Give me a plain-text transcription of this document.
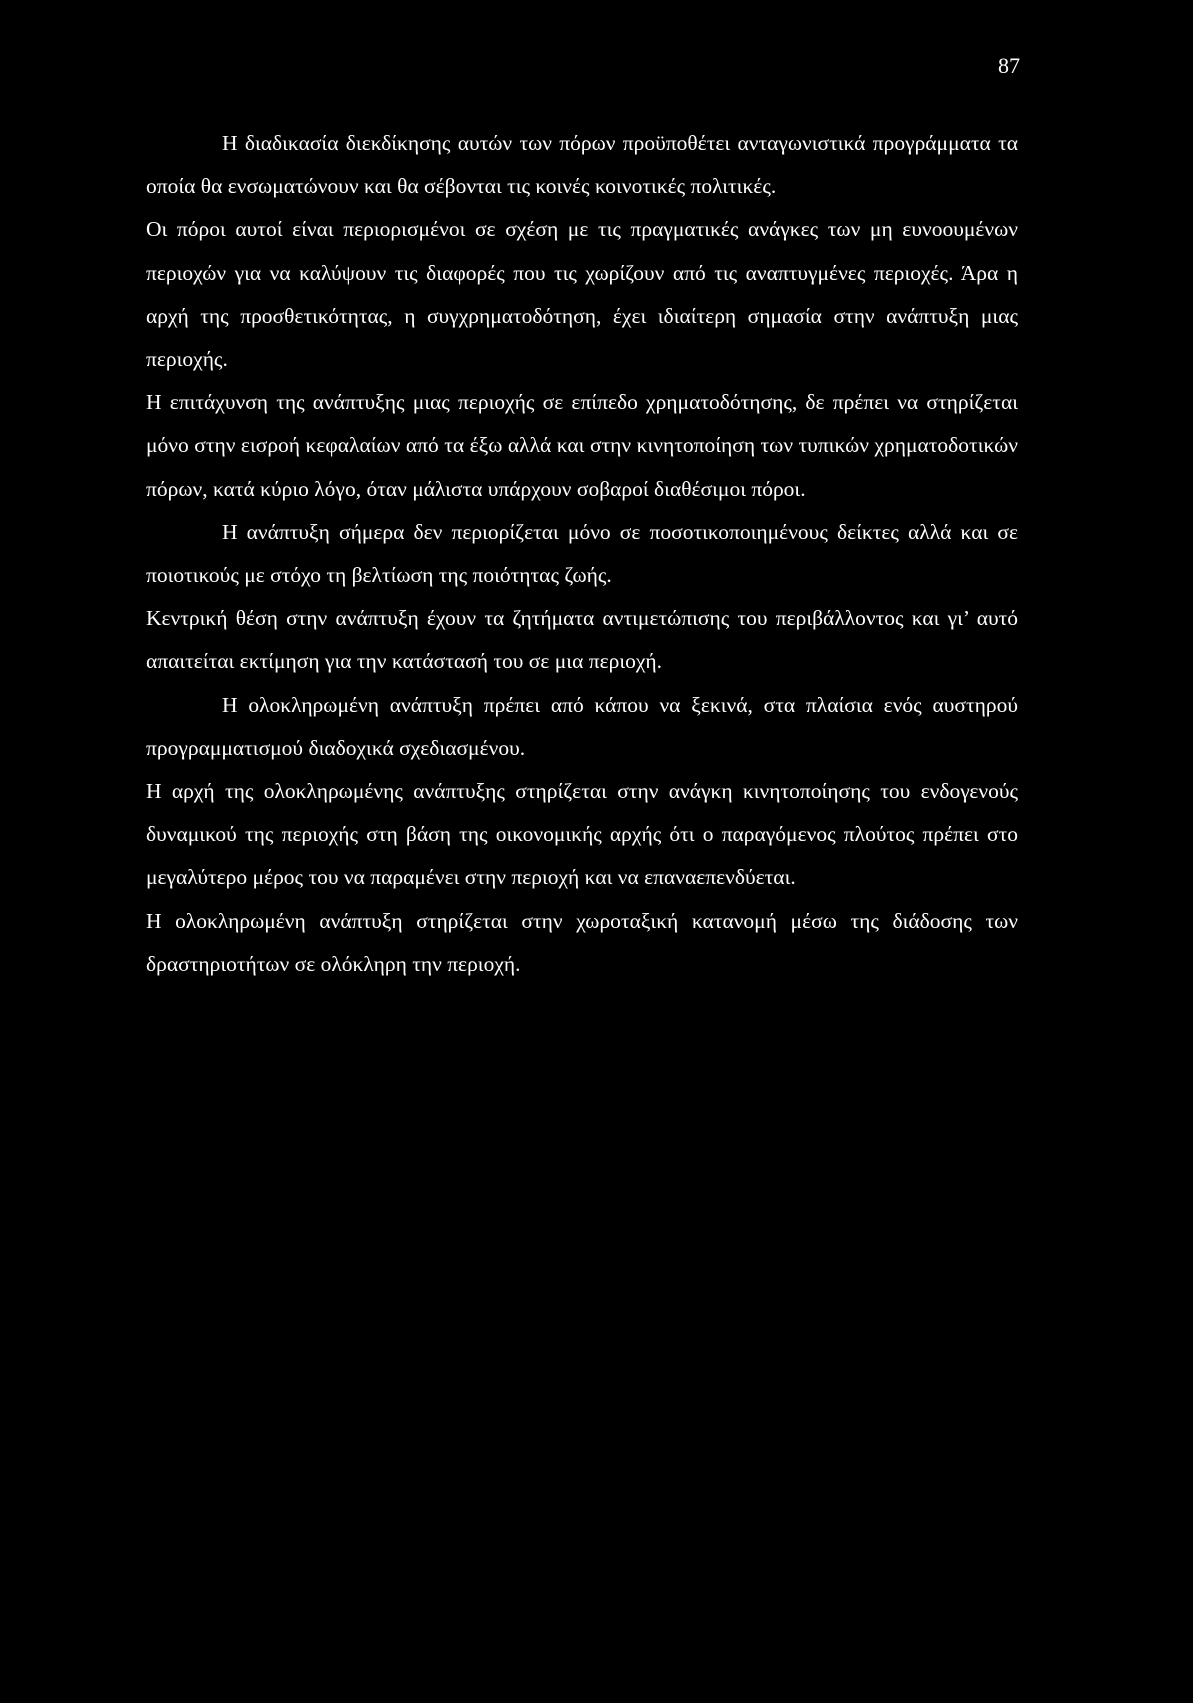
87

Η διαδικασία διεκδίκησης αυτών των πόρων προϋποθέτει ανταγωνιστικά προγράμματα τα οποία θα ενσωματώνουν και θα σέβονται τις κοινές κοινοτικές πολιτικές.

Οι πόροι αυτοί είναι περιορισμένοι σε σχέση με τις πραγματικές ανάγκες των μη ευνοουμένων περιοχών για να καλύψουν τις διαφορές που τις χωρίζουν από τις αναπτυγμένες περιοχές. Άρα η αρχή της προσθετικότητας, η συγχρηματοδότηση, έχει ιδιαίτερη σημασία στην ανάπτυξη μιας περιοχής.

Η επιτάχυνση της ανάπτυξης μιας περιοχής σε επίπεδο χρηματοδότησης, δε πρέπει να στηρίζεται μόνο στην εισροή κεφαλαίων από τα έξω αλλά και στην κινητοποίηση των τυπικών χρηματοδοτικών πόρων, κατά κύριο λόγο, όταν μάλιστα υπάρχουν σοβαροί διαθέσιμοι πόροι.

Η ανάπτυξη σήμερα δεν περιορίζεται μόνο σε ποσοτικοποιημένους δείκτες αλλά και σε ποιοτικούς με στόχο τη βελτίωση της ποιότητας ζωής.

Κεντρική θέση στην ανάπτυξη έχουν τα ζητήματα αντιμετώπισης του περιβάλλοντος και γι’ αυτό απαιτείται εκτίμηση για την κατάστασή του σε μια περιοχή.

Η ολοκληρωμένη ανάπτυξη πρέπει από κάπου να ξεκινά, στα πλαίσια ενός αυστηρού προγραμματισμού διαδοχικά σχεδιασμένου.

Η αρχή της ολοκληρωμένης ανάπτυξης στηρίζεται στην ανάγκη κινητοποίησης του ενδογενούς δυναμικού της περιοχής στη βάση της οικονομικής αρχής ότι ο παραγόμενος πλούτος πρέπει στο μεγαλύτερο μέρος του να παραμένει στην περιοχή και να επαναεπενδύεται.

Η ολοκληρωμένη ανάπτυξη στηρίζεται στην χωροταξική κατανομή μέσω της διάδοσης των δραστηριοτήτων σε ολόκληρη την περιοχή.
